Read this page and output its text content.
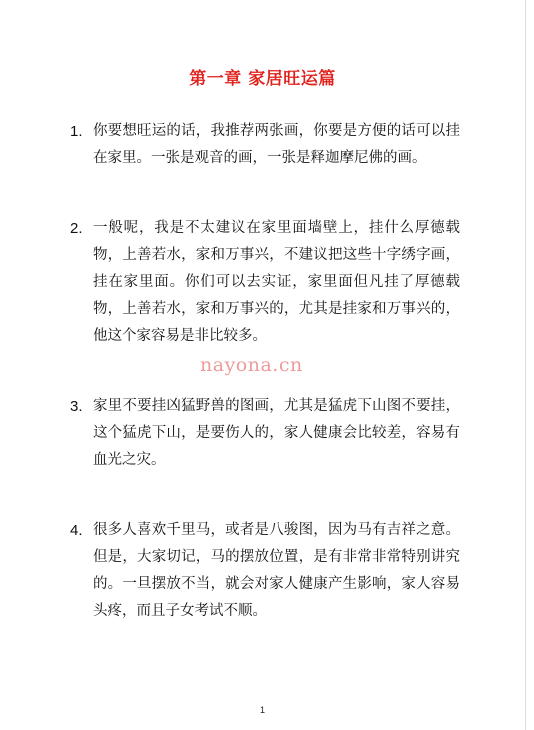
第一章 家居旺运篇
1. 你要想旺运的话，我推荐两张画，你要是方便的话可以挂在家里。一张是观音的画，一张是释迦摩尼佛的画。
2. 一般呢，我是不太建议在家里面墙壁上，挂什么厚德载物，上善若水，家和万事兴，不建议把这些十字绣字画，挂在家里面。你们可以去实证，家里面但凡挂了厚德载物，上善若水，家和万事兴的，尤其是挂家和万事兴的，他这个家容易是非比较多。
3. 家里不要挂凶猛野兽的图画，尤其是猛虎下山图不要挂，这个猛虎下山，是要伤人的，家人健康会比较差，容易有血光之灾。
4. 很多人喜欢千里马，或者是八骏图，因为马有吉祥之意。但是，大家切记，马的摆放位置，是有非常非常特别讲究的。一旦摆放不当，就会对家人健康产生影响，家人容易头疼，而且子女考试不顺。
nayona.cn
1
